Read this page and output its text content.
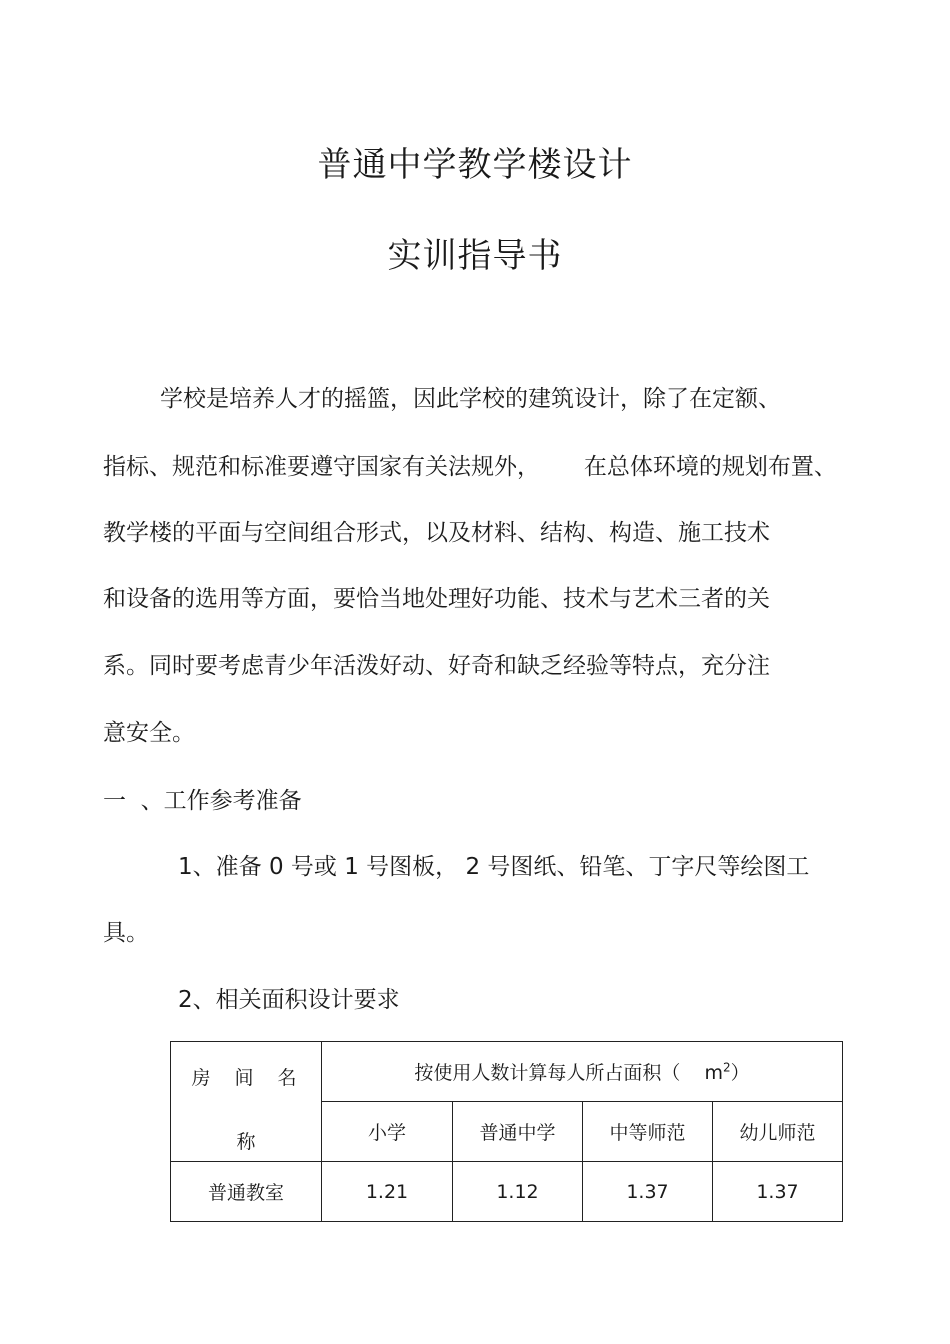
普通中学教学楼设计
实训指导书
学校是培养人才的摇篮，因此学校的建筑设计，除了在定额、
指标、规范和标准要遵守国家有关法规外，      在总体环境的规划布置、
教学楼的平面与空间组合形式，以及材料、结构、构造、施工技术
和设备的选用等方面，要恰当地处理好功能、技术与艺术三者的关
系。同时要考虑青少年活泼好动、好奇和缺乏经验等特点，充分注
意安全。
一  、工作参考准备
1、准备 0 号或 1 号图板， 2 号图纸、铅笔、丁字尺等绘图工
具。
2、相关面积设计要求
房间名
称	按使用人数计算每人所占面积（    $m^2$）			
	小学	普通中学	中等师范	幼儿师范
普通教室	1.21	1.12	1.37	1.37
